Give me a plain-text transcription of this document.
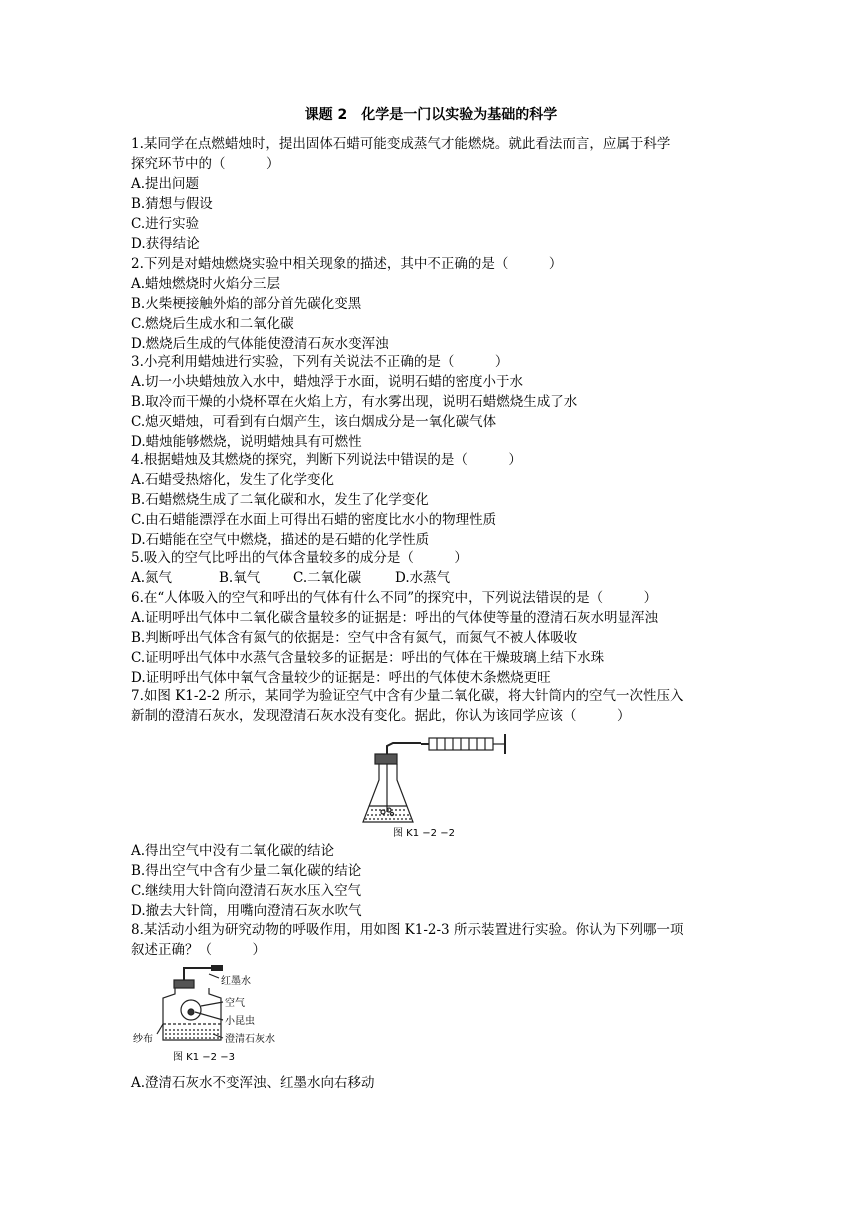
课题 2　化学是一门以实验为基础的科学
1.某同学在点燃蜡烛时，提出固体石蜡可能变成蒸气才能燃烧。就此看法而言，应属于科学
探究环节中的（　　　）
A.提出问题
B.猜想与假设
C.进行实验
D.获得结论
2.下列是对蜡烛燃烧实验中相关现象的描述，其中不正确的是（　　　）
A.蜡烛燃烧时火焰分三层
B.火柴梗接触外焰的部分首先碳化变黑
C.燃烧后生成水和二氧化碳
D.燃烧后生成的气体能使澄清石灰水变浑浊
3.小亮利用蜡烛进行实验，下列有关说法不正确的是（　　　）
A.切一小块蜡烛放入水中，蜡烛浮于水面，说明石蜡的密度小于水
B.取冷而干燥的小烧杯罩在火焰上方，有水雾出现，说明石蜡燃烧生成了水
C.熄灭蜡烛，可看到有白烟产生，该白烟成分是一氧化碳气体
D.蜡烛能够燃烧，说明蜡烛具有可燃性
4.根据蜡烛及其燃烧的探究，判断下列说法中错误的是（　　　）
A.石蜡受热熔化，发生了化学变化
B.石蜡燃烧生成了二氧化碳和水，发生了化学变化
C.由石蜡能漂浮在水面上可得出石蜡的密度比水小的物理性质
D.石蜡能在空气中燃烧，描述的是石蜡的化学性质
5.吸入的空气比呼出的气体含量较多的成分是（　　　）
A.氮气	B.氧气 C.二氧化碳	D.水蒸气
6.在“人体吸入的空气和呼出的气体有什么不同”的探究中，下列说法错误的是（　　　）
A.证明呼出气体中二氧化碳含量较多的证据是：呼出的气体使等量的澄清石灰水明显浑浊
B.判断呼出气体含有氮气的依据是：空气中含有氮气，而氮气不被人体吸收
C.证明呼出气体中水蒸气含量较多的证据是：呼出的气体在干燥玻璃上结下水珠
D.证明呼出气体中氧气含量较少的证据是：呼出的气体使木条燃烧更旺
7.如图 K1-2-2 所示，某同学为验证空气中含有少量二氧化碳，将大针筒内的空气一次性压入
新制的澄清石灰水，发现澄清石灰水没有变化。据此，你认为该同学应该（　　　）
图 K1 −2 −2
A.得出空气中没有二氧化碳的结论
B.得出空气中含有少量二氧化碳的结论
C.继续用大针筒向澄清石灰水压入空气
D.撤去大针筒，用嘴向澄清石灰水吹气
8.某活动小组为研究动物的呼吸作用，用如图 K1-2-3 所示装置进行实验。你认为下列哪一项
叙述正确？（　　　）
红墨水
空气
小昆虫
澄清石灰水
纱布
图 K1 −2 −3
A.澄清石灰水不变浑浊、红墨水向右移动
